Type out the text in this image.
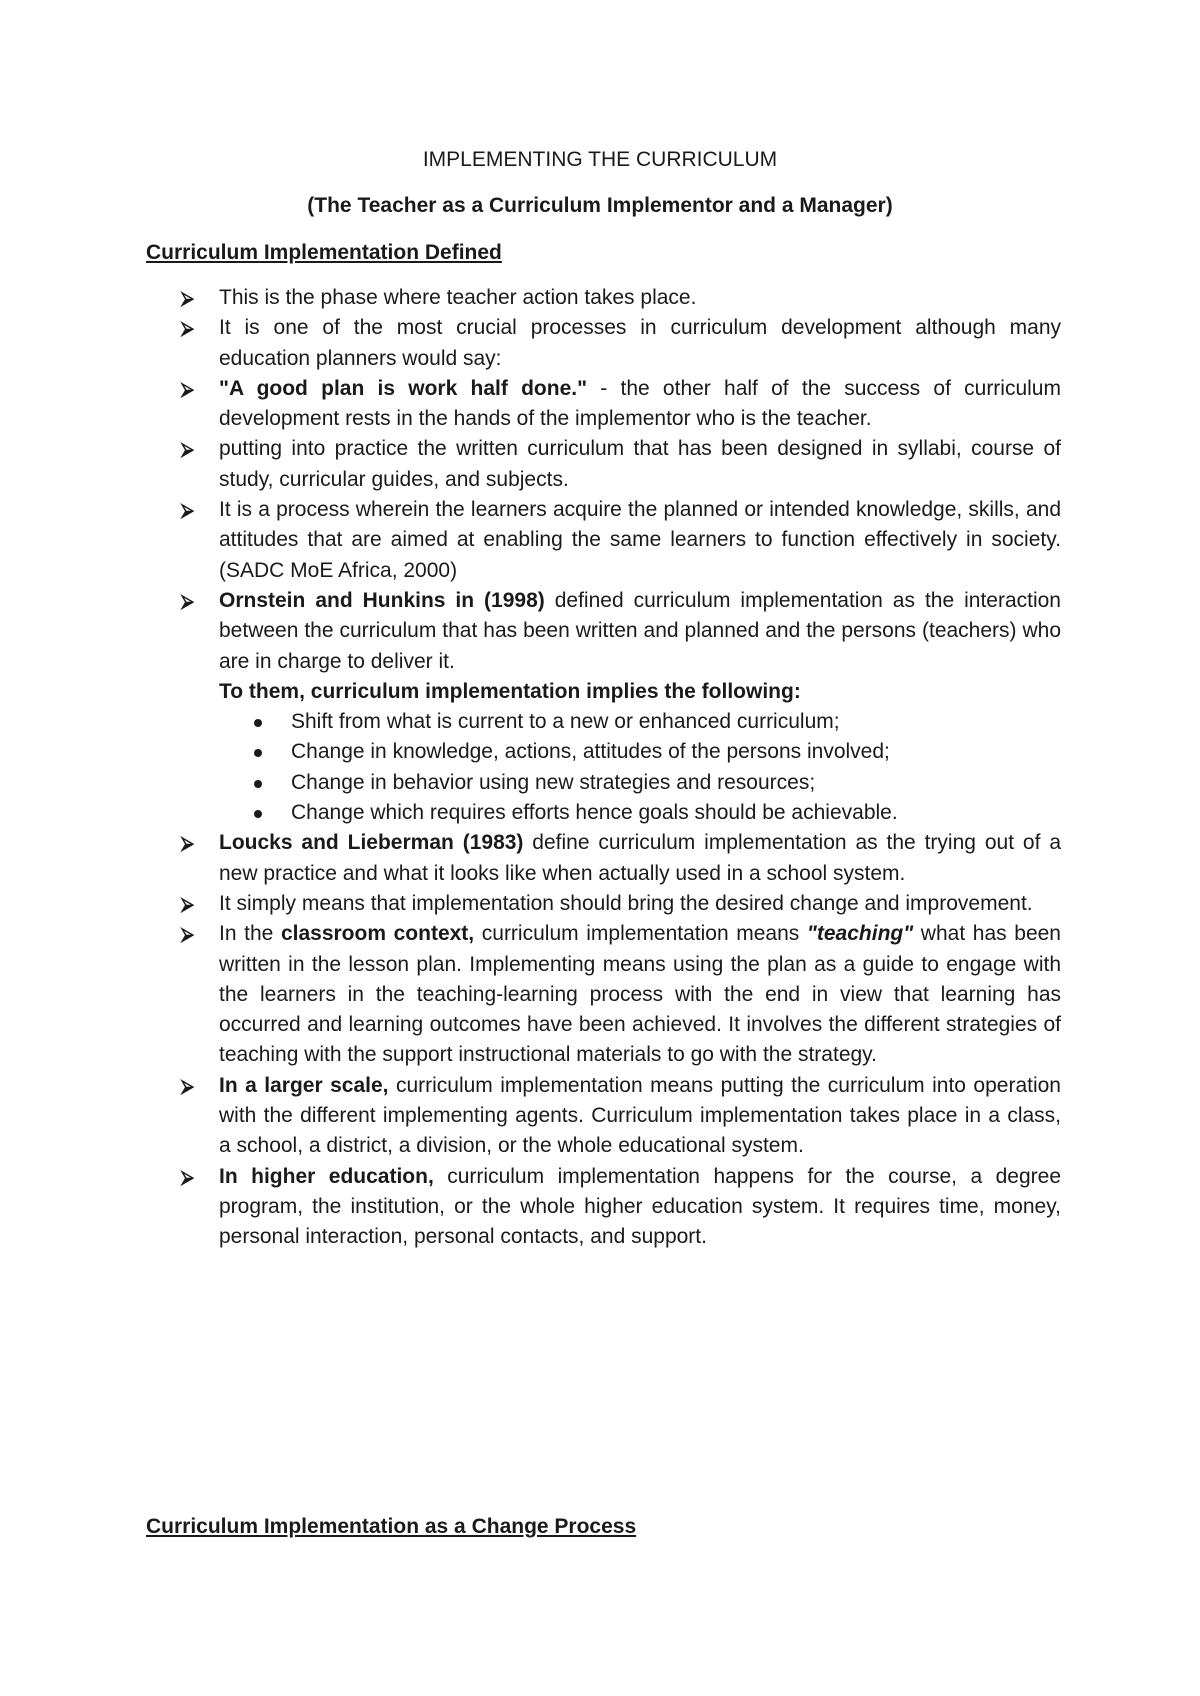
IMPLEMENTING THE CURRICULUM
(The Teacher as a Curriculum Implementor and a Manager)
Curriculum Implementation Defined
⮚	This is the phase where teacher action takes place.

⮚	It is one of the most crucial processes in curriculum development although many education planners would say:

⮚	"A good plan is work half done." - the other half of the success of curriculum development rests in the hands of the implementor who is the teacher.

⮚	putting into practice the written curriculum that has been designed in syllabi, course of study, curricular guides, and subjects.

⮚	It is a process wherein the learners acquire the planned or intended knowledge, skills, and attitudes that are aimed at enabling the same learners to function effectively in society. (SADC MoE Africa, 2000)

⮚	Ornstein and Hunkins in (1998) defined curriculum implementation as the interaction between the curriculum that has been written and planned and the persons (teachers) who are in charge to deliver it.

To them, curriculum implementation implies the following:

Shift from what is current to a new or enhanced curriculum;
Change in knowledge, actions, attitudes of the persons involved;
Change in behavior using new strategies and resources;
Change which requires efforts hence goals should be achievable.
⮚	Loucks and Lieberman (1983) define curriculum implementation as the trying out of a new practice and what it looks like when actually used in a school system.

⮚	It simply means that implementation should bring the desired change and improvement.

⮚	In the classroom context, curriculum implementation means "teaching" what has been written in the lesson plan. Implementing means using the plan as a guide to engage with the learners in the teaching-learning process with the end in view that learning has occurred and learning outcomes have been achieved. It involves the different strategies of teaching with the support instructional materials to go with the strategy.

⮚	In a larger scale, curriculum implementation means putting the curriculum into operation with the different implementing agents. Curriculum implementation takes place in a class, a school, a district, a division, or the whole educational system.

⮚	In higher education, curriculum implementation happens for the course, a degree program, the institution, or the whole higher education system. It requires time, money, personal interaction, personal contacts, and support.

Curriculum Implementation as a Change Process
